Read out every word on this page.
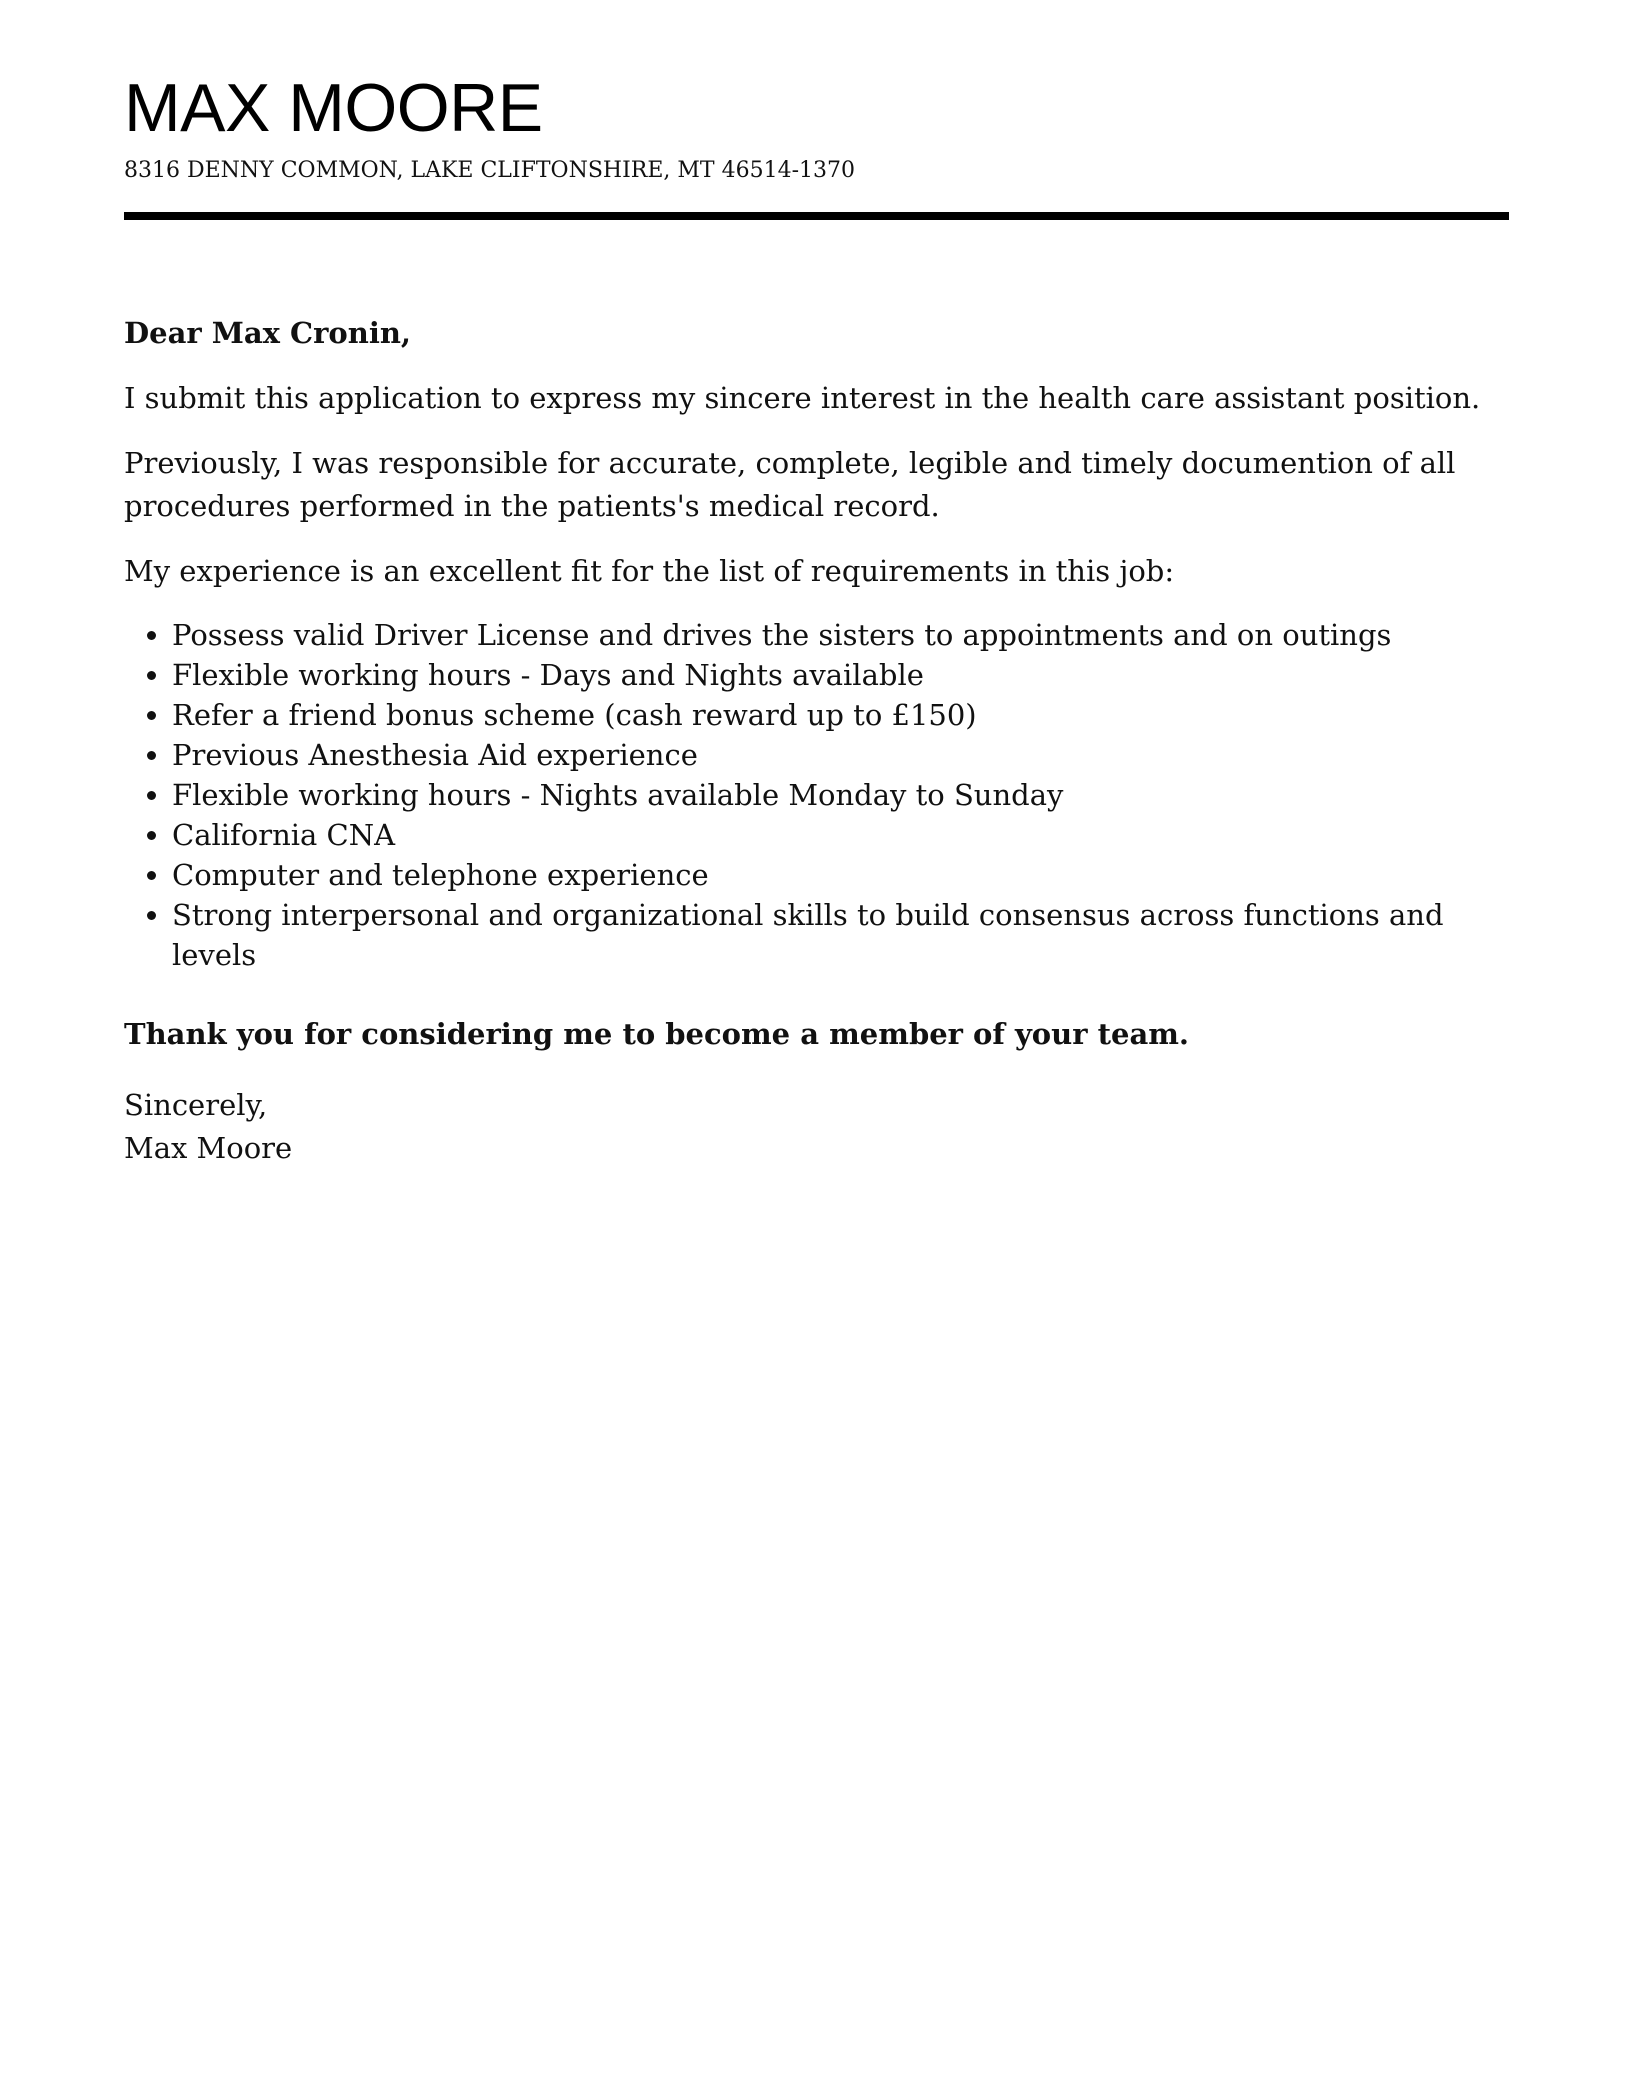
MAX MOORE
8316 DENNY COMMON, LAKE CLIFTONSHIRE, MT 46514-1370

Dear Max Cronin,

I submit this application to express my sincere interest in the health care assistant position.

Previously, I was responsible for accurate, complete, legible and timely documention of all procedures performed in the patients's medical record.

My experience is an excellent fit for the list of requirements in this job:

• Possess valid Driver License and drives the sisters to appointments and on outings
• Flexible working hours - Days and Nights available
• Refer a friend bonus scheme (cash reward up to £150)
• Previous Anesthesia Aid experience
• Flexible working hours - Nights available Monday to Sunday
• California CNA
• Computer and telephone experience
• Strong interpersonal and organizational skills to build consensus across functions and levels

Thank you for considering me to become a member of your team.

Sincerely,
Max Moore
